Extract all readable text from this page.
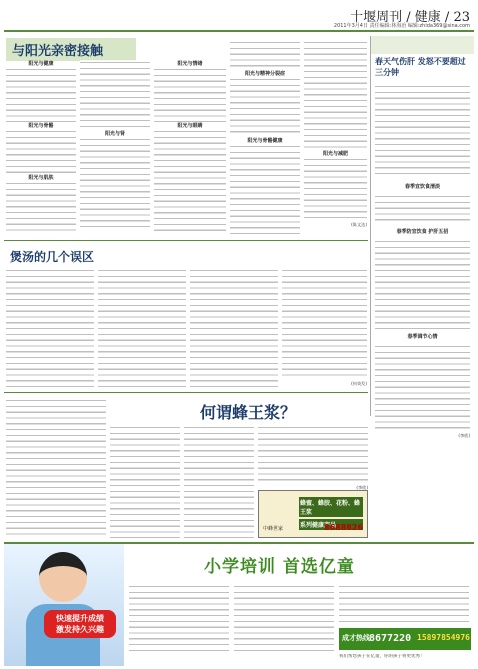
十堰周刊 / 健康 / 23
2011年3月4日 责任编辑:林海治 编辑:zhida369@sina.com
与阳光亲密接触
阳光与健康
阳光与骨骼
阳光与肌肤
阳光与肾
阳光与情绪
阳光与眼睛
阳光与精神分裂症
阳光与骨骼健康
阳光与减肥
(陈文达)
春天气伤肝 发怒不要超过三分钟
春季宜饮食清淡
春季防宜饮食 护肝五招
春季调节心情
(李欣)
煲汤的几个误区
(何英发)
何谓蜂王浆？
(李欣)
蜂蜜、蜂胶、花粉、蜂王浆
系列健康产品
中蜂世家	8688826
快速提升成绩
激发持久兴趣
小学培训 首选亿童
成才热线 8677220 15897854976
我们帮您孩子在亿童，你的孩子将更优秀！
